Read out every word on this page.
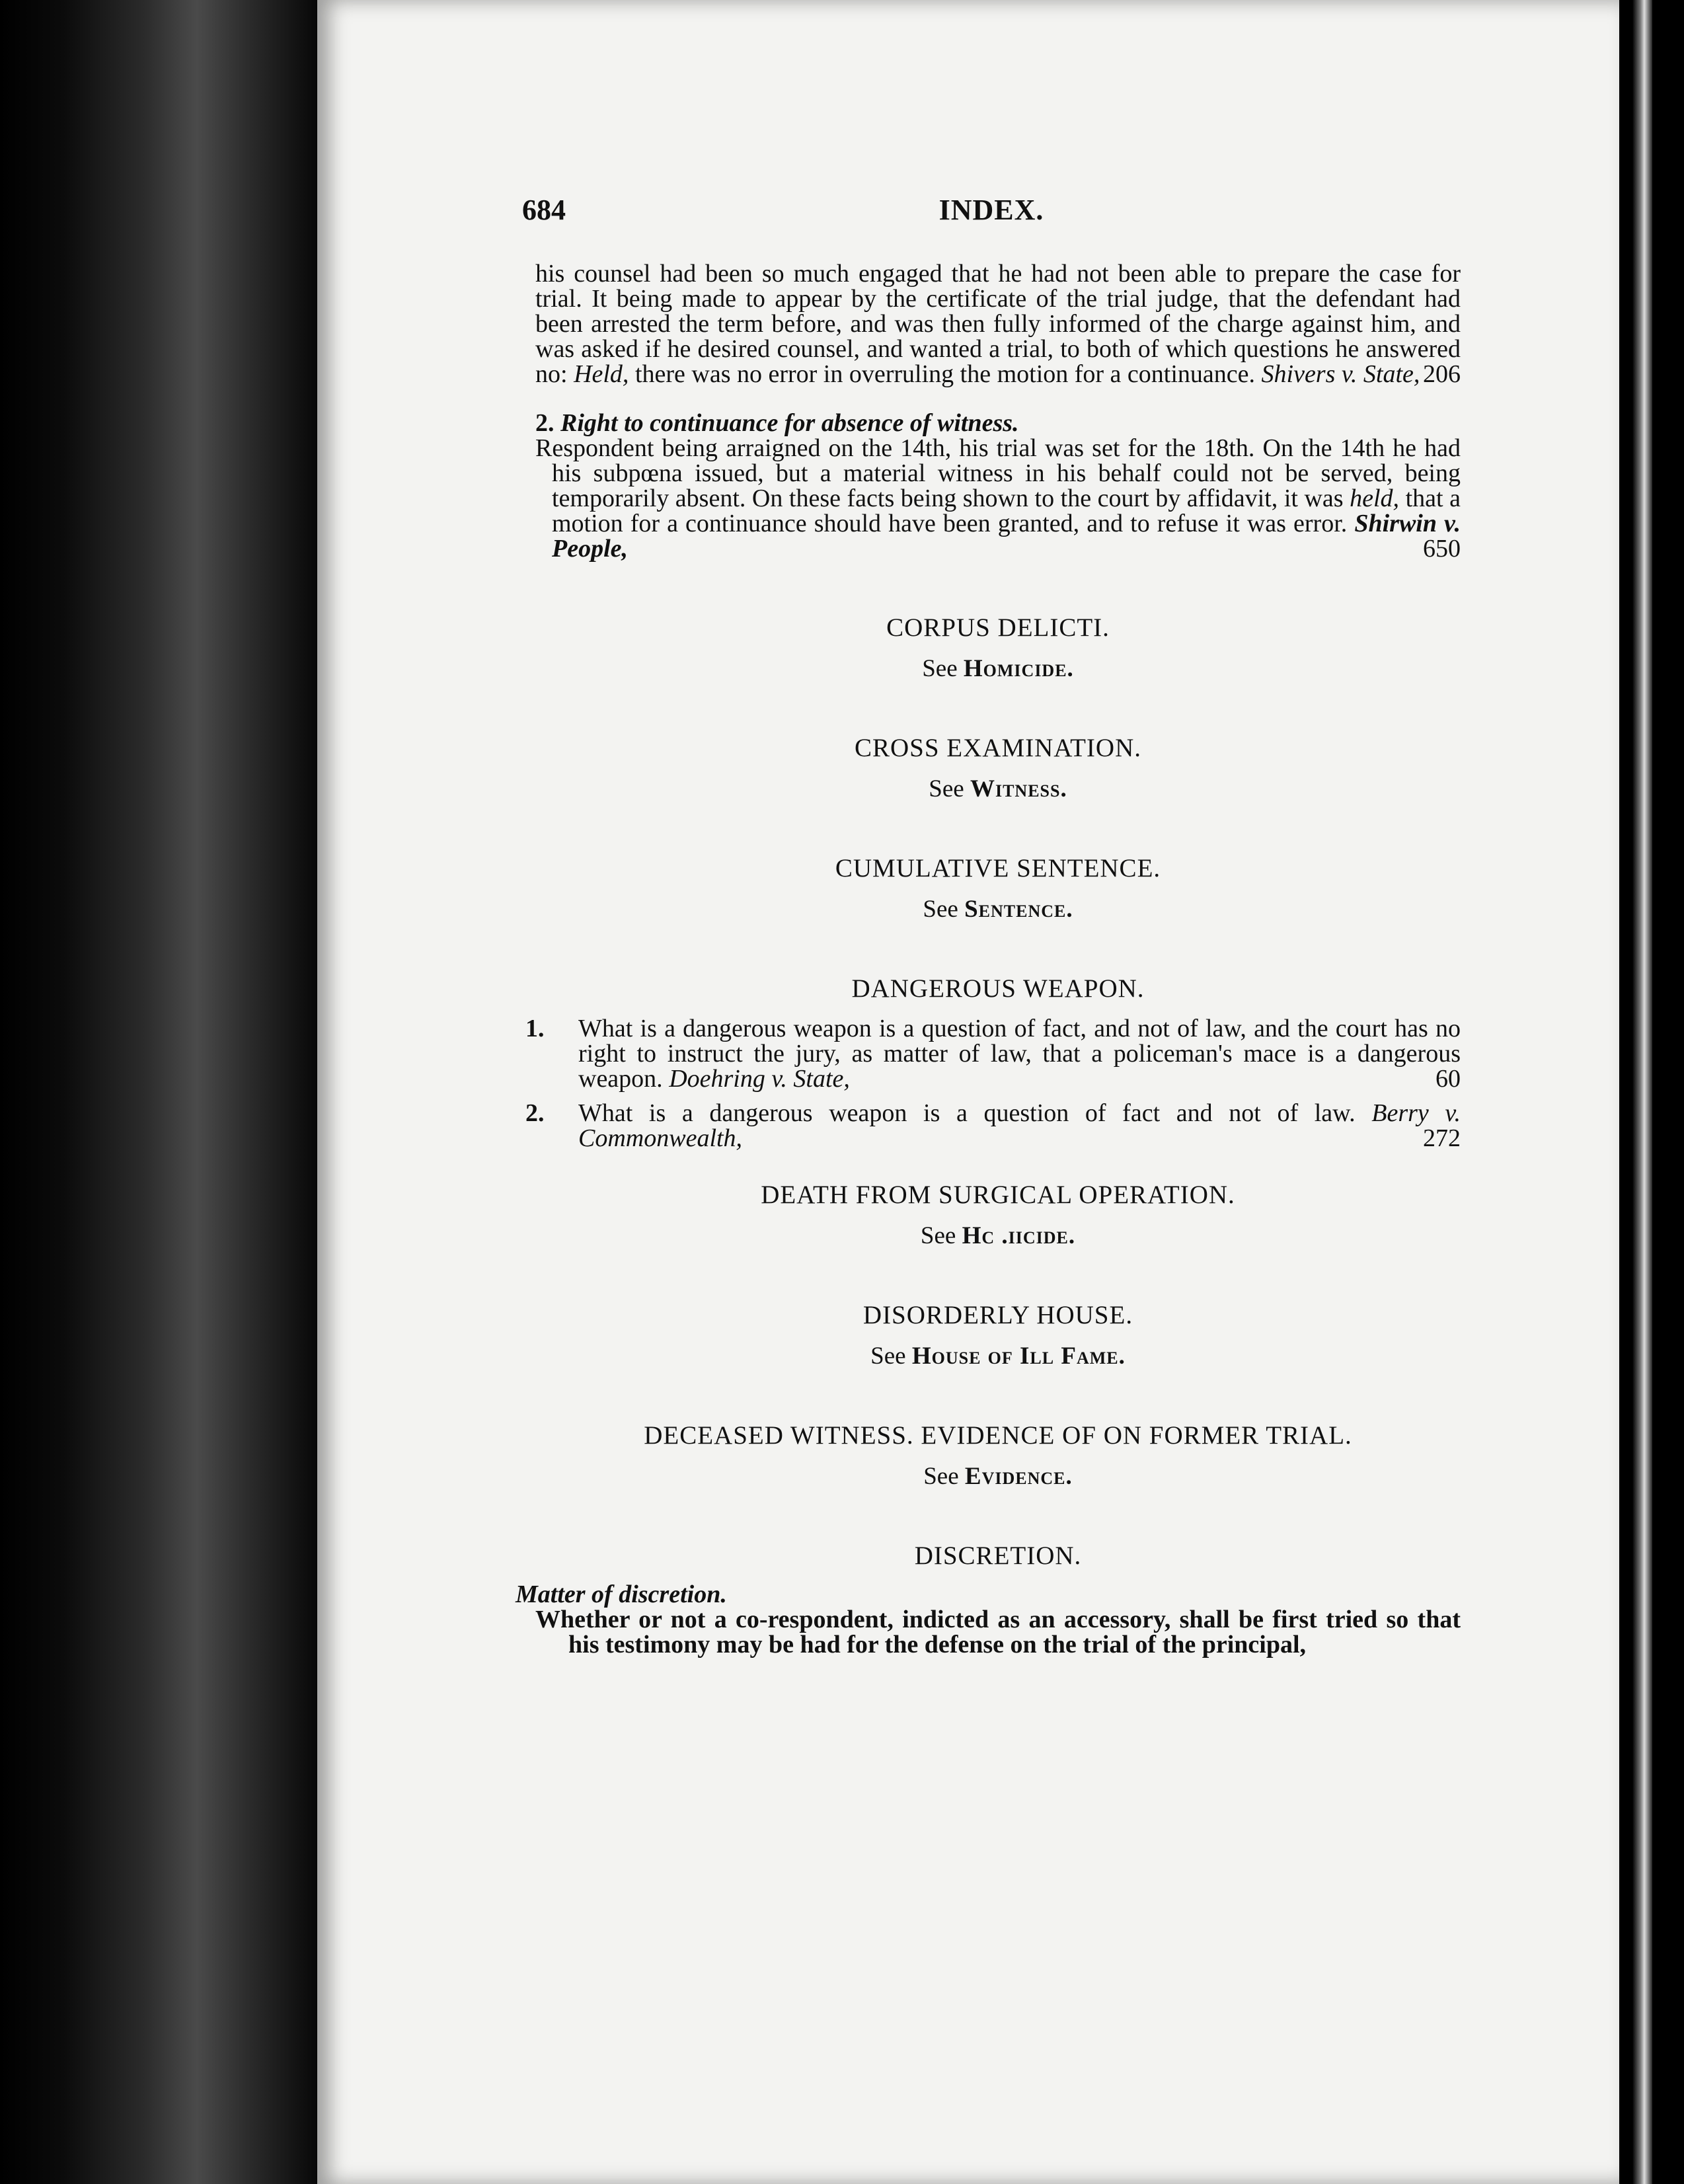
684	INDEX.

his counsel had been so much engaged that he had not been able to prepare the case for trial. It being made to appear by the certificate of the trial judge, that the defendant had been arrested the term before, and was then fully informed of the charge against him, and was asked if he desired counsel, and wanted a trial, to both of which questions he answered no: Held, there was no error in overruling the motion for a continuance. Shivers v. State, 206

2. Right to continuance for absence of witness.

Respondent being arraigned on the 14th, his trial was set for the 18th. On the 14th he had his subpœna issued, but a material witness in his behalf could not be served, being temporarily absent. On these facts being shown to the court by affidavit, it was held, that a motion for a continuance should have been granted, and to refuse it was error. Shirwin v. People,	650

CORPUS DELICTI.

See Homicide.

CROSS EXAMINATION.

See Witness.

CUMULATIVE SENTENCE.

See Sentence.

DANGEROUS WEAPON.

1. What is a dangerous weapon is a question of fact, and not of law, and the court has no right to instruct the jury, as matter of law, that a policeman's mace is a dangerous weapon. Doehring v. State,	60

2. What is a dangerous weapon is a question of fact and not of law. Berry v. Commonwealth,	272

DEATH FROM SURGICAL OPERATION.

See Hc .iicide.

DISORDERLY HOUSE.

See House of Ill Fame.

DECEASED WITNESS. EVIDENCE OF ON FORMER TRIAL.

See Evidence.

DISCRETION.

Matter of discretion.

Whether or not a co-respondent, indicted as an accessory, shall be first tried so that his testimony may be had for the defense on the trial of the principal,
